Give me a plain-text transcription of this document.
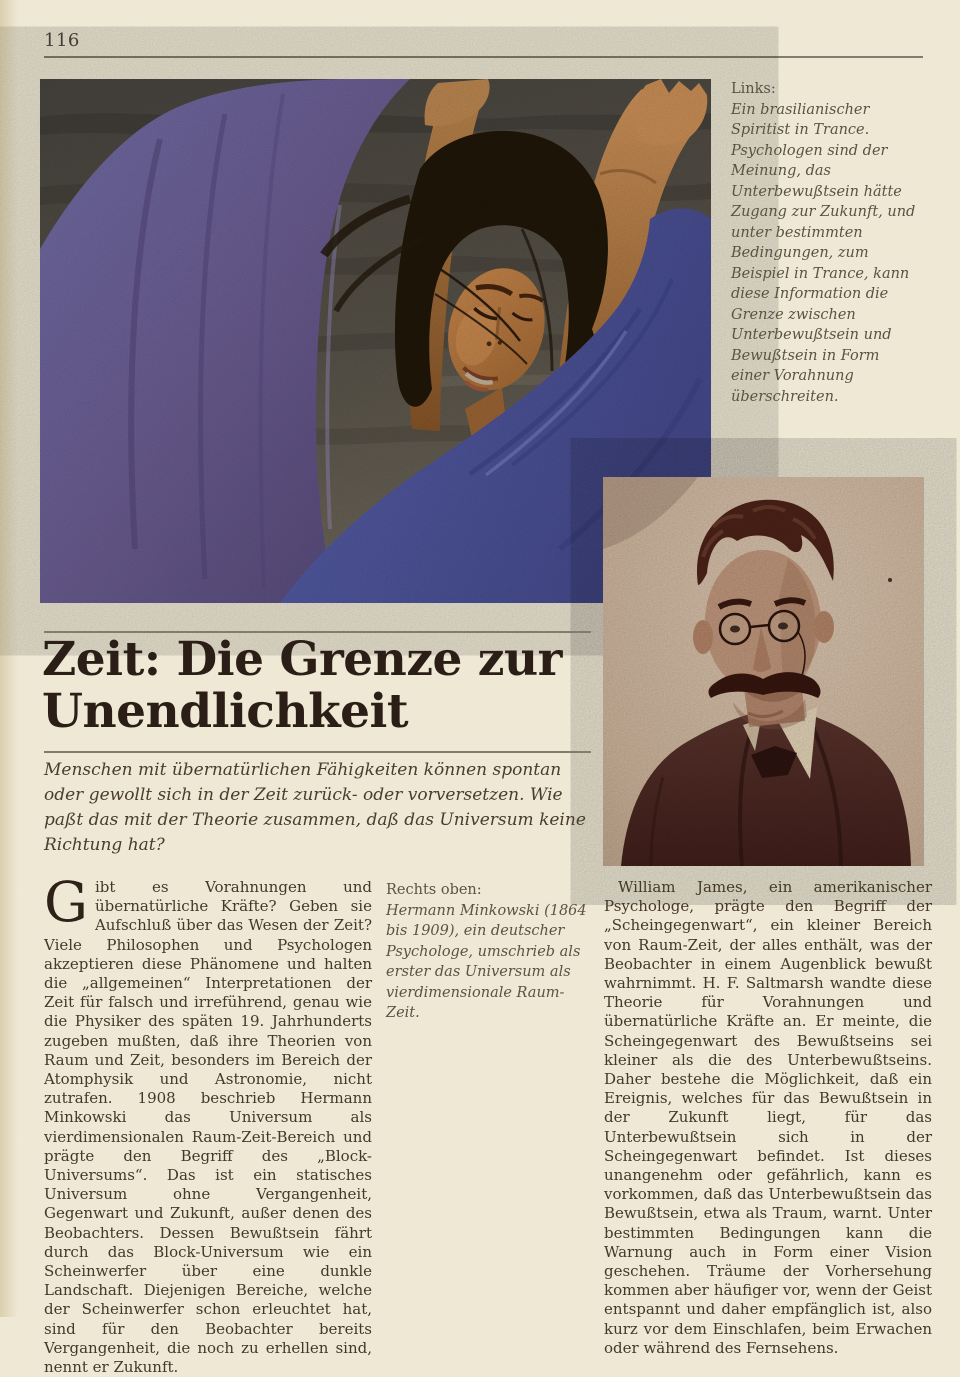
116
Links:
Ein brasilianischer Spiritist in Trance. Psychologen sind der Meinung, das Unterbewußtsein hätte Zugang zur Zukunft, und unter bestimmten Bedingungen, zum Beispiel in Trance, kann diese Information die Grenze zwischen Unterbewußtsein und Bewußtsein in Form einer Vorahnung überschreiten.
Zeit: Die Grenze zur
Unendlichkeit

Menschen mit übernatürlichen Fähigkeiten können spontan oder gewollt sich in der Zeit zurück- oder vorversetzen. Wie paßt das mit der Theorie zusammen, daß das Universum keine Richtung hat?

Gibt es Vorahnungen und übernatürliche Kräfte? Geben sie Aufschluß über das Wesen der Zeit? Viele Philosophen und Psychologen akzeptieren diese Phänomene und halten die „allgemeinen“ Interpretationen der Zeit für falsch und irreführend, genau wie die Physiker des späten 19. Jahrhunderts zugeben mußten, daß ihre Theorien von Raum und Zeit, besonders im Bereich der Atomphysik und Astronomie, nicht zutrafen. 1908 beschrieb Hermann Minkowski das Universum als vierdimensionalen Raum-Zeit-Bereich und prägte den Begriff des „Block-Universums“. Das ist ein statisches Universum ohne Vergangenheit, Gegenwart und Zukunft, außer denen des Beobachters. Dessen Bewußtsein fährt durch das Block-Universum wie ein Scheinwerfer über eine dunkle Landschaft. Diejenigen Bereiche, welche der Scheinwerfer schon erleuchtet hat, sind für den Beobachter bereits Vergangenheit, die noch zu erhellen sind, nennt er Zukunft.
Rechts oben:
Hermann Minkowski (1864 bis 1909), ein deutscher Psychologe, umschrieb als erster das Universum als vierdimensionale Raum-Zeit.
William James, ein amerikanischer Psychologe, prägte den Begriff der „Scheingegenwart“, ein kleiner Bereich von Raum-Zeit, der alles enthält, was der Beobachter in einem Augenblick bewußt wahrnimmt. H. F. Saltmarsh wandte diese Theorie für Vorahnungen und übernatürliche Kräfte an. Er meinte, die Scheingegenwart des Bewußtseins sei kleiner als die des Unterbewußtseins. Daher bestehe die Möglichkeit, daß ein Ereignis, welches für das Bewußtsein in der Zukunft liegt, für das Unterbewußtsein sich in der Scheingegenwart befindet. Ist dieses unangenehm oder gefährlich, kann es vorkommen, daß das Unterbewußtsein das Bewußtsein, etwa als Traum, warnt. Unter bestimmten Bedingungen kann die Warnung auch in Form einer Vision geschehen. Träume der Vorhersehung kommen aber häufiger vor, wenn der Geist entspannt und daher empfänglich ist, also kurz vor dem Einschlafen, beim Erwachen oder während des Fernsehens.
